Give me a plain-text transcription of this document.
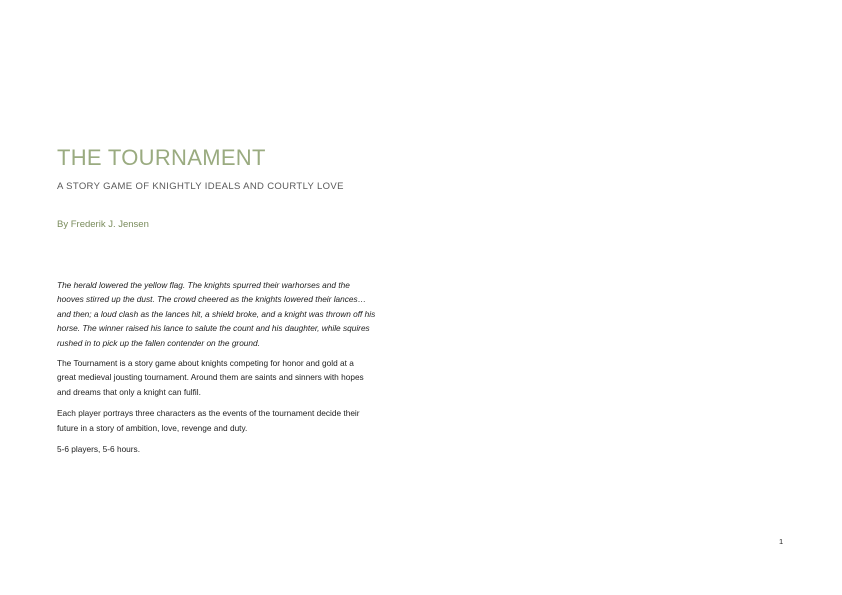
THE TOURNAMENT

A STORY GAME OF KNIGHTLY IDEALS AND COURTLY LOVE

By Frederik J. Jensen

The herald lowered the yellow flag. The knights spurred their warhorses and the
hooves stirred up the dust. The crowd cheered as the knights lowered their lances…
and then; a loud clash as the lances hit, a shield broke, and a knight was thrown off his
horse. The winner raised his lance to salute the count and his daughter, while squires
rushed in to pick up the fallen contender on the ground.

The Tournament is a story game about knights competing for honor and gold at a
great medieval jousting tournament. Around them are saints and sinners with hopes
and dreams that only a knight can fulfil.

Each player portrays three characters as the events of the tournament decide their
future in a story of ambition, love, revenge and duty.

5-6 players, 5-6 hours.

1
